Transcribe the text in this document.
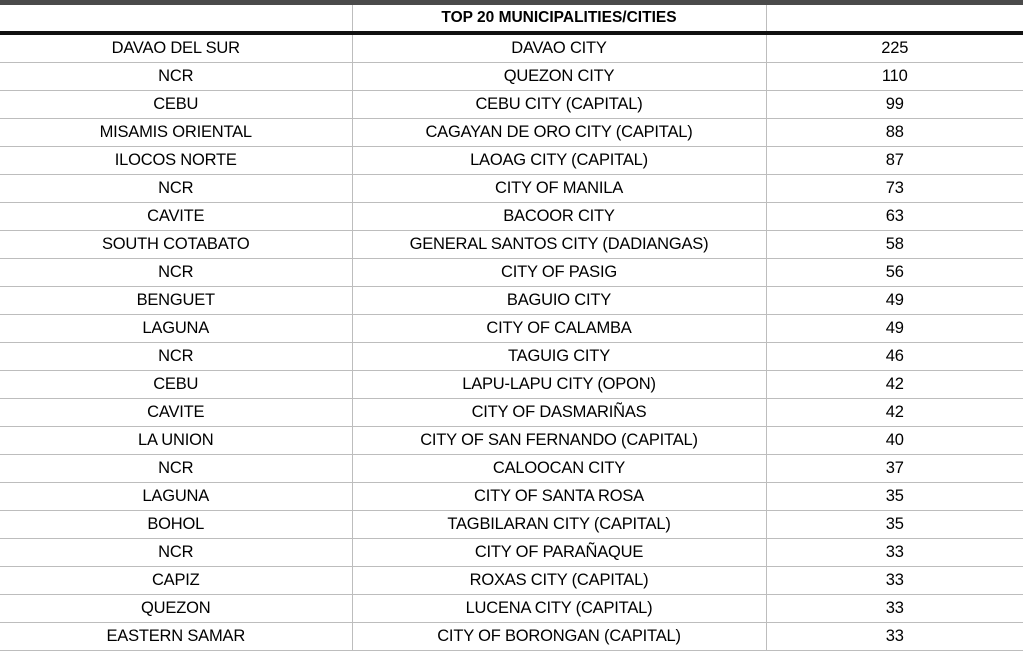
	TOP 20 MUNICIPALITIES/CITIES	
DAVAO DEL SUR	DAVAO CITY	225
NCR	QUEZON CITY	110
CEBU	CEBU CITY (CAPITAL)	99
MISAMIS ORIENTAL	CAGAYAN DE ORO CITY (CAPITAL)	88
ILOCOS NORTE	LAOAG CITY (CAPITAL)	87
NCR	CITY OF MANILA	73
CAVITE	BACOOR CITY	63
SOUTH COTABATO	GENERAL SANTOS CITY (DADIANGAS)	58
NCR	CITY OF PASIG	56
BENGUET	BAGUIO CITY	49
LAGUNA	CITY OF CALAMBA	49
NCR	TAGUIG CITY	46
CEBU	LAPU-LAPU CITY (OPON)	42
CAVITE	CITY OF DASMARIÑAS	42
LA UNION	CITY OF SAN FERNANDO (CAPITAL)	40
NCR	CALOOCAN CITY	37
LAGUNA	CITY OF SANTA ROSA	35
BOHOL	TAGBILARAN CITY (CAPITAL)	35
NCR	CITY OF PARAÑAQUE	33
CAPIZ	ROXAS CITY (CAPITAL)	33
QUEZON	LUCENA CITY (CAPITAL)	33
EASTERN SAMAR	CITY OF BORONGAN (CAPITAL)	33
